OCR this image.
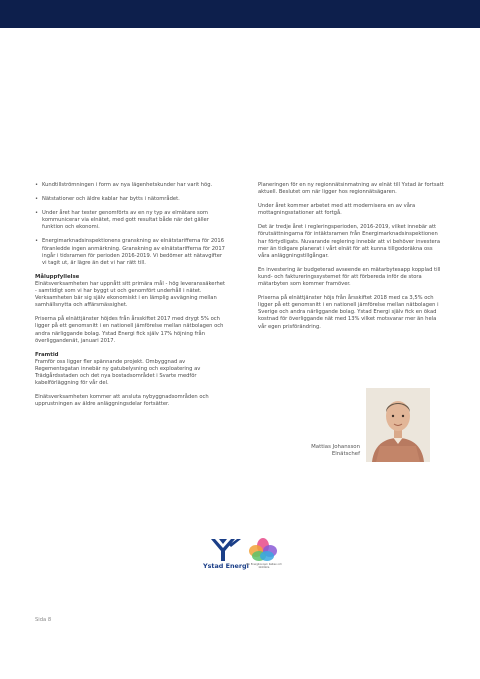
• Kundtillströmningen i form av nya lägenhetskunder har varit hög.
• Nätstationer och äldre kablar har bytts i nätområdet.
• Under året har tester genomförts av en ny typ av elmätare som kommunicerar via elnätet, med gott resultat både när det gäller funktion och ekonomi.
• Energimarknadsinspektionens granskning av elnätstarifferna för 2016 föranledde ingen anmärkning. Granskning av elnätstarifferna för 2017 ingår i tidsramen för perioden 2016-2019. Vi bedömer att nätavgifter vi tagit ut, är lägre än det vi har rätt till.
Måluppfyllelse

Elnätsverksamheten har uppnått sitt primära mål - hög leveranssäkerhet - samtidigt som vi har byggt ut och genomfört underhåll i nätet. Verksamheten bär sig själv ekonomiskt i en lämplig avvägning mellan samhällsnytta och affärsmässighet.

Priserna på elnättjänster höjdes från årsskiftet 2017 med drygt 5% och ligger på ett genomsnitt i en nationell jämförelse mellan nätbolagen och andra närliggande bolag. Ystad Energi fick själv 17% höjning från överliggandenät, januari 2017.

Framtid

Framför oss ligger fler spännande projekt. Ombyggnad av Regementsgatan innebär ny gatubelysning och exploatering av Trädgårdsstaden och det nya bostadsområdet i Svarte medför kabelförläggning för vår del.

Elnätsverksamheten kommer att ansluta nybyggnadsområden och upprustningen av äldre anläggningsdelar fortsätter.

Planeringen för en ny regionnätsinmatning av elnät till Ystad är fortsatt aktuell. Beslutet om när ligger hos regionnätsägaren.

Under året kommer arbetet med att modernisera en av våra mottagningsstationer att fortgå.

Det är tredje året i regleringsperioden, 2016-2019, vilket innebär att förutsättningarna för intäktsramen från Energimarknadsinspektionen har förtydligats. Nuvarande reglering innebär att vi behöver investera mer än tidigare planerat i vårt elnät för att kunna tillgodoräkna oss våra anläggningstillgångar.

En investering är budgeterad avseende en mätarbytesapp kopplad till kund- och faktureringssystemet för att förbereda inför de stora mätarbyten som kommer framöver.

Priserna på elnättjänster höjs från årsskiftet 2018 med ca 3,5% och ligger på ett genomsnitt i en nationell jämförelse mellan nätbolagen i Sverige och andra närliggande bolag. Ystad Energi själv fick en ökad kostnad för överliggande nät med 13% vilket motsvarar mer än hela vår egen prisförändring.

Mattias Johansson
Elnätschef
Ystad Energi
Din Energikoncern Kalkan och Glimåkra
Sida 8
